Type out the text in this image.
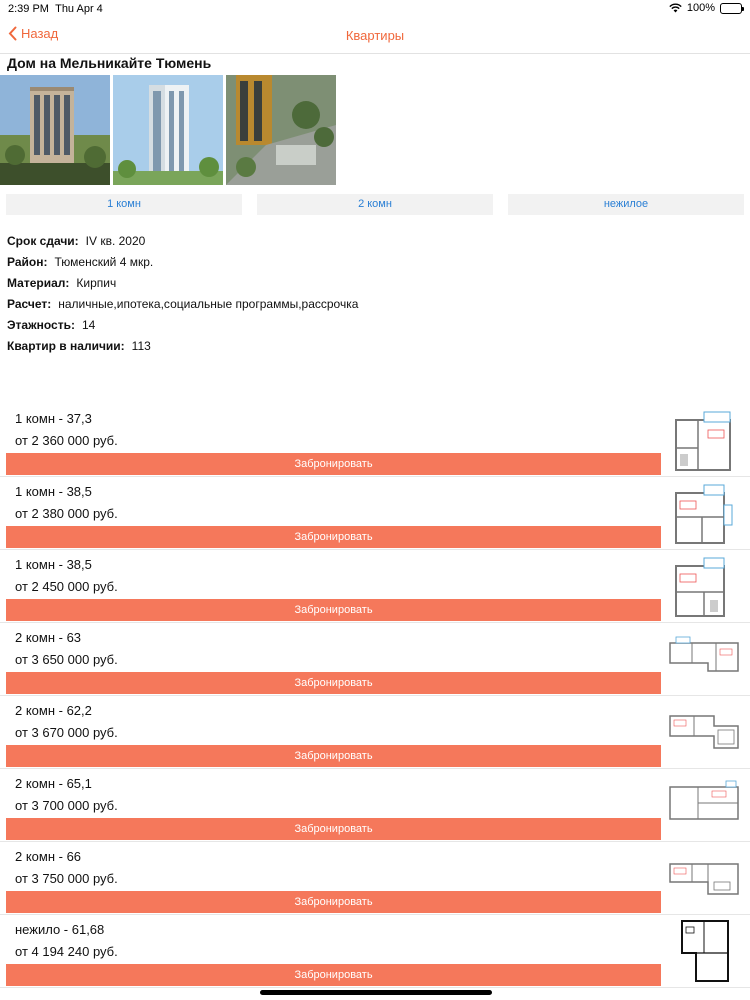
2:39 PM Thu Apr 4	100%
Назад	Квартиры
Дом на Мельникайте Тюмень
1 комн	2 комн	нежилое
Срок сдачи: IV кв. 2020
Район: Тюменский 4 мкр.
Материал: Кирпич
Расчет: наличные,ипотека,социальные программы,рассрочка
Этажность: 14
Квартир в наличии: 113
1 комн - 37,3
от 2 360 000 руб.
Забронировать
1 комн - 38,5
от 2 380 000 руб.
Забронировать
1 комн - 38,5
от 2 450 000 руб.
Забронировать
2 комн - 63
от 3 650 000 руб.
Забронировать
2 комн - 62,2
от 3 670 000 руб.
Забронировать
2 комн - 65,1
от 3 700 000 руб.
Забронировать
2 комн - 66
от 3 750 000 руб.
Забронировать
нежило - 61,68
от 4 194 240 руб.
Забронировать
